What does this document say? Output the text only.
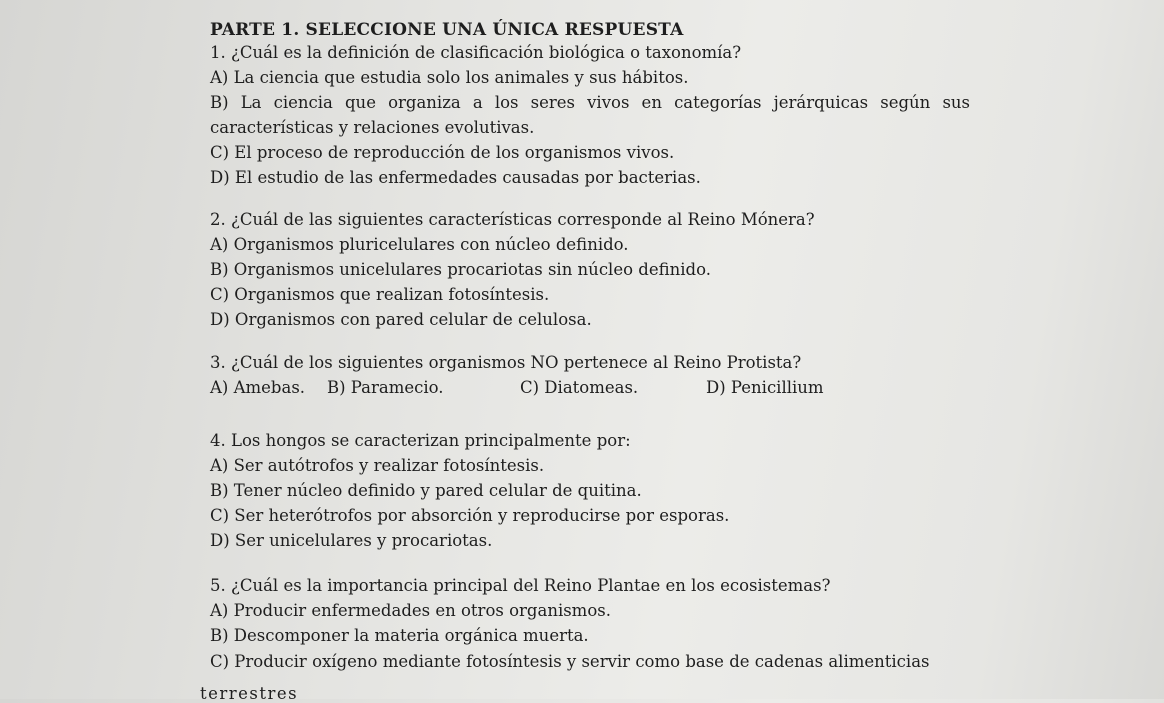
PARTE 1. SELECCIONE UNA ÚNICA RESPUESTA
1. ¿Cuál es la definición de clasificación biológica o taxonomía?
A) La ciencia que estudia solo los animales y sus hábitos.
B) La ciencia que organiza a los seres vivos en categorías jerárquicas según sus
características y relaciones evolutivas.
C) El proceso de reproducción de los organismos vivos.
D) El estudio de las enfermedades causadas por bacterias.
2. ¿Cuál de las siguientes características corresponde al Reino Mónera?
A) Organismos pluricelulares con núcleo definido.
B) Organismos unicelulares procariotas sin núcleo definido.
C) Organismos que realizan fotosíntesis.
D) Organismos con pared celular de celulosa.
3. ¿Cuál de los siguientes organismos NO pertenece al Reino Protista?
A) Amebas. B) Paramecio.	C) Diatomeas.	D) Penicillium
4. Los hongos se caracterizan principalmente por:
A) Ser autótrofos y realizar fotosíntesis.
B) Tener núcleo definido y pared celular de quitina.
C) Ser heterótrofos por absorción y reproducirse por esporas.
D) Ser unicelulares y procariotas.
5. ¿Cuál es la importancia principal del Reino Plantae en los ecosistemas?
A) Producir enfermedades en otros organismos.
B) Descomponer la materia orgánica muerta.
C) Producir oxígeno mediante fotosíntesis y servir como base de cadenas alimenticias
terrestres
